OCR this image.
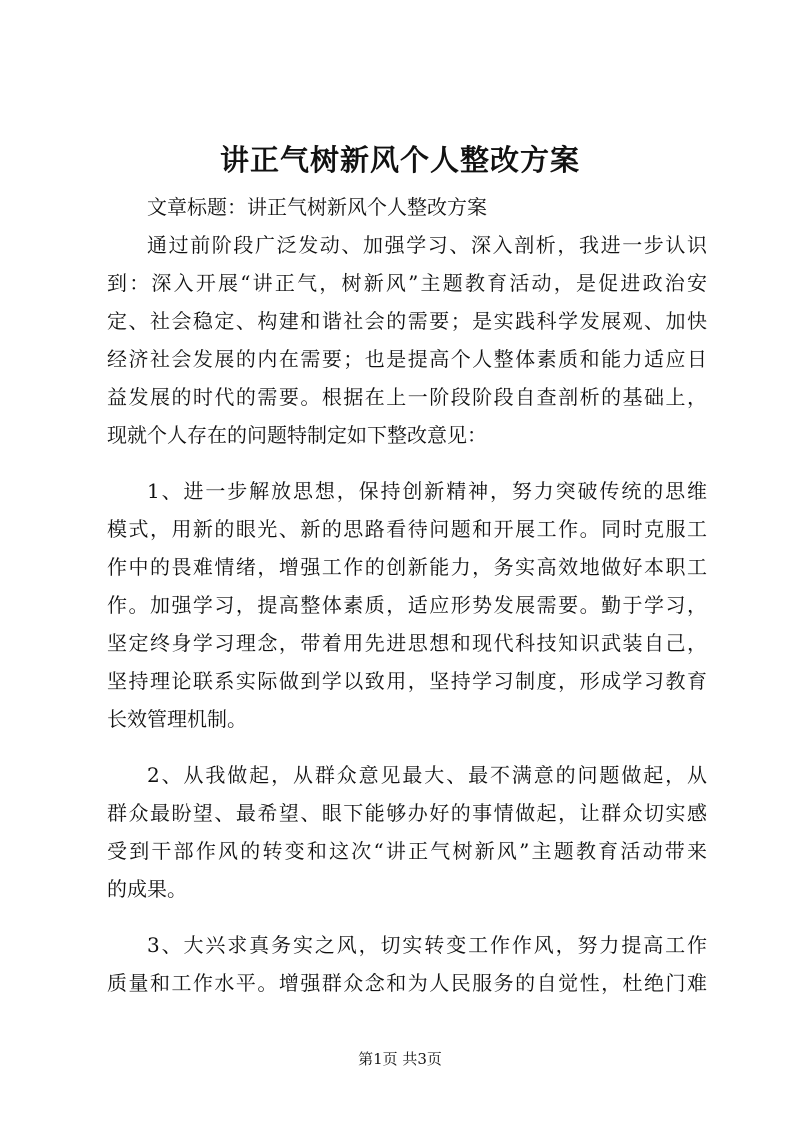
讲正气树新风个人整改方案
文章标题：讲正气树新风个人整改方案
通过前阶段广泛发动、加强学习、深入剖析，我进一步认识
到：深入开展“讲正气，树新风”主题教育活动，是促进政治安
定、社会稳定、构建和谐社会的需要；是实践科学发展观、加快
经济社会发展的内在需要；也是提高个人整体素质和能力适应日
益发展的时代的需要。根据在上一阶段阶段自查剖析的基础上，
现就个人存在的问题特制定如下整改意见：
1、进一步解放思想，保持创新精神，努力突破传统的思维
模式，用新的眼光、新的思路看待问题和开展工作。同时克服工
作中的畏难情绪，增强工作的创新能力，务实高效地做好本职工
作。加强学习，提高整体素质，适应形势发展需要。勤于学习，
坚定终身学习理念，带着用先进思想和现代科技知识武装自己，
坚持理论联系实际做到学以致用，坚持学习制度，形成学习教育
长效管理机制。
2、从我做起，从群众意见最大、最不满意的问题做起，从
群众最盼望、最希望、眼下能够办好的事情做起，让群众切实感
受到干部作风的转变和这次“讲正气树新风”主题教育活动带来
的成果。
3、大兴求真务实之风，切实转变工作作风，努力提高工作
质量和工作水平。增强群众念和为人民服务的自觉性，杜绝门难
第1页 共3页
